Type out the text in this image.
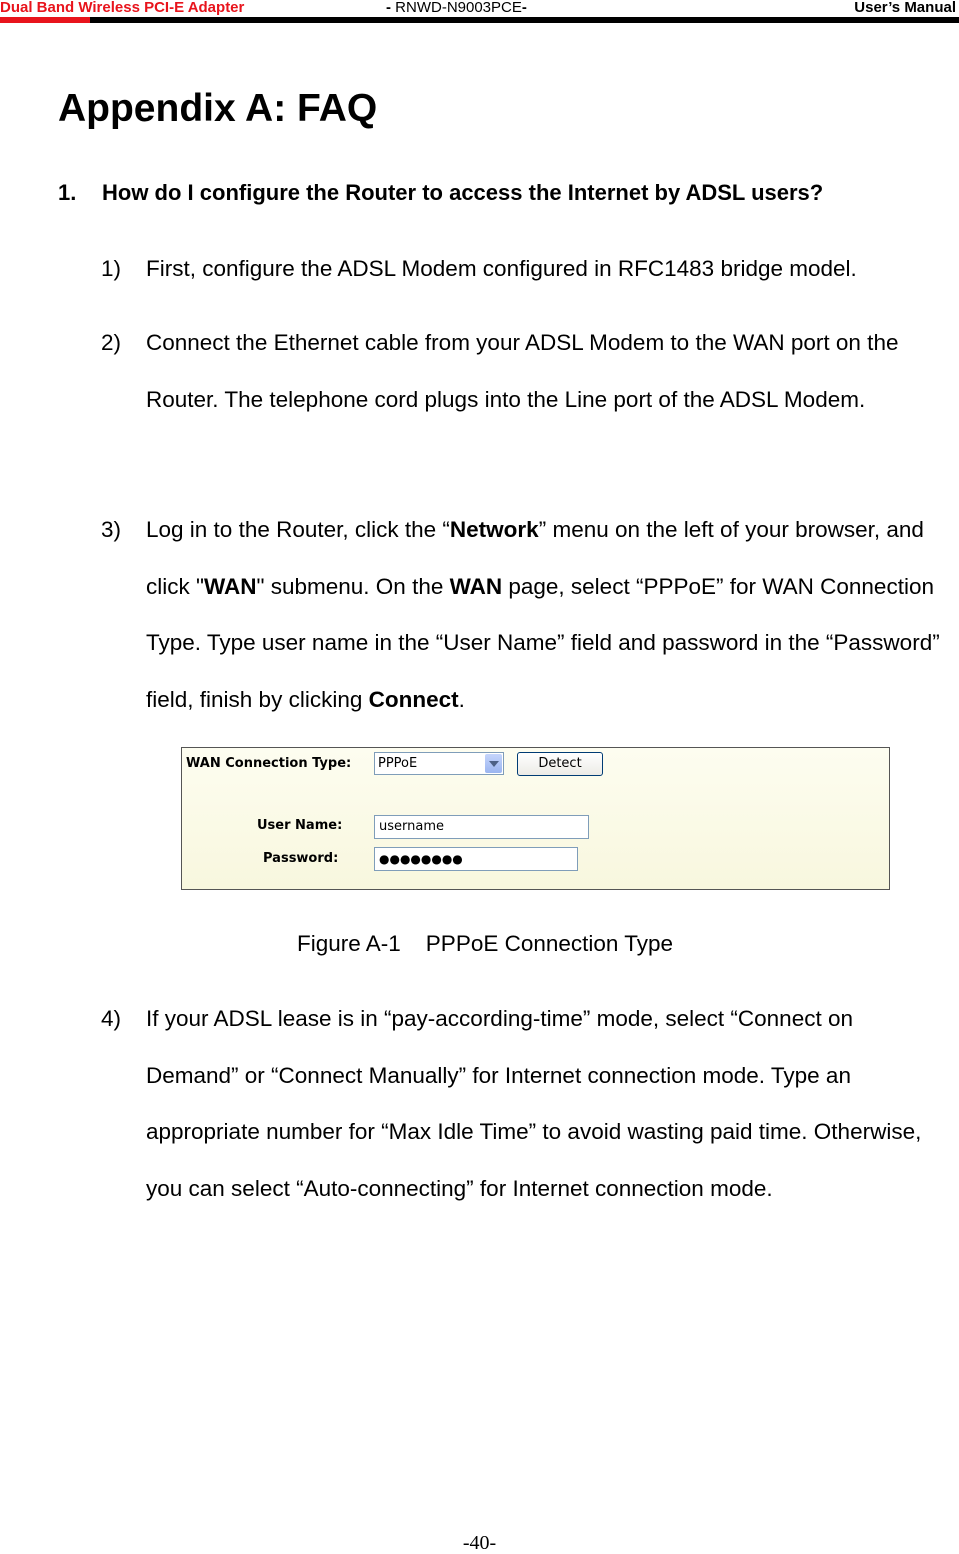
Dual Band Wireless PCI-E Adapter	- RNWD-N9003PCE-	User’s Manual
Appendix A: FAQ
1. How do I configure the Router to access the Internet by ADSL users?
1) First, configure the ADSL Modem configured in RFC1483 bridge model.
2) Connect the Ethernet cable from your ADSL Modem to the WAN port on the Router. The telephone cord plugs into the Line port of the ADSL Modem.
3) Log in to the Router, click the “Network” menu on the left of your browser, and click "WAN" submenu. On the WAN page, select “PPPoE” for WAN Connection Type. Type user name in the “User Name” field and password in the “Password” field, finish by clicking Connect.
WAN Connection Type: PPPoE	Detect
User Name:	username
Password:	●●●●●●●●
Figure A-1    PPPoE Connection Type
4) If your ADSL lease is in “pay-according-time” mode, select “Connect on Demand” or “Connect Manually” for Internet connection mode. Type an appropriate number for “Max Idle Time” to avoid wasting paid time. Otherwise, you can select “Auto-connecting” for Internet connection mode.
-40-
